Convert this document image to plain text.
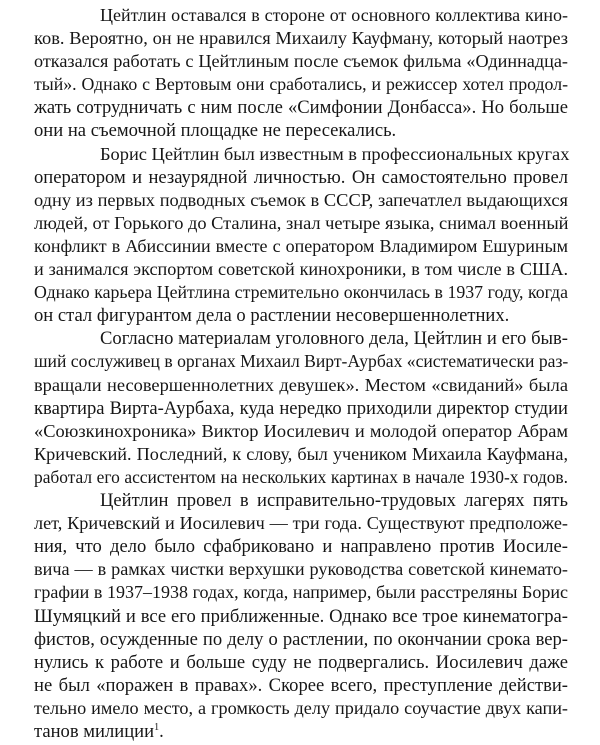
Цейтлин оставался в стороне от основного коллектива кино-
ков. Вероятно, он не нравился Михаилу Кауфману, который наотрез
отказался работать с Цейтлиным после съемок фильма «Одиннадца-
тый». Однако с Вертовым они сработались, и режиссер хотел продол-
жать сотрудничать с ним после «Симфонии Донбасса». Но больше
они на съемочной площадке не пересекались.
Борис Цейтлин был известным в профессиональных кругах
оператором и незаурядной личностью. Он самостоятельно провел
одну из первых подводных съемок в СССР, запечатлел выдающихся
людей, от Горького до Сталина, знал четыре языка, снимал военный
конфликт в Абиссинии вместе с оператором Владимиром Ешуриным
и занимался экспортом советской кинохроники, в том числе в США.
Однако карьера Цейтлина стремительно окончилась в 1937 году, когда
он стал фигурантом дела о растлении несовершеннолетних.
Согласно материалам уголовного дела, Цейтлин и его быв-
ший сослуживец в органах Михаил Вирт-Аурбах «систематически раз-
вращали несовершеннолетних девушек». Местом «свиданий» была
квартира Вирта-Аурбаха, куда нередко приходили директор студии
«Союзкинохроника» Виктор Иосилевич и молодой оператор Абрам
Кричевский. Последний, к слову, был учеником Михаила Кауфмана,
работал его ассистентом на нескольких картинах в начале 1930-х годов.
Цейтлин провел в исправительно-трудовых лагерях пять
лет, Кричевский и Иосилевич — три года. Существуют предположе-
ния, что дело было сфабриковано и направлено против Иосиле-
вича — в рамках чистки верхушки руководства советской кинемато-
графии в 1937–1938 годах, когда, например, были расстреляны Борис
Шумяцкий и все его приближенные. Однако все трое кинематогра-
фистов, осужденные по делу о растлении, по окончании срока вер-
нулись к работе и больше суду не подвергались. Иосилевич даже
не был «поражен в правах». Скорее всего, преступление действи-
тельно имело место, а громкость делу придало соучастие двух капи-
танов милиции$^1$.
